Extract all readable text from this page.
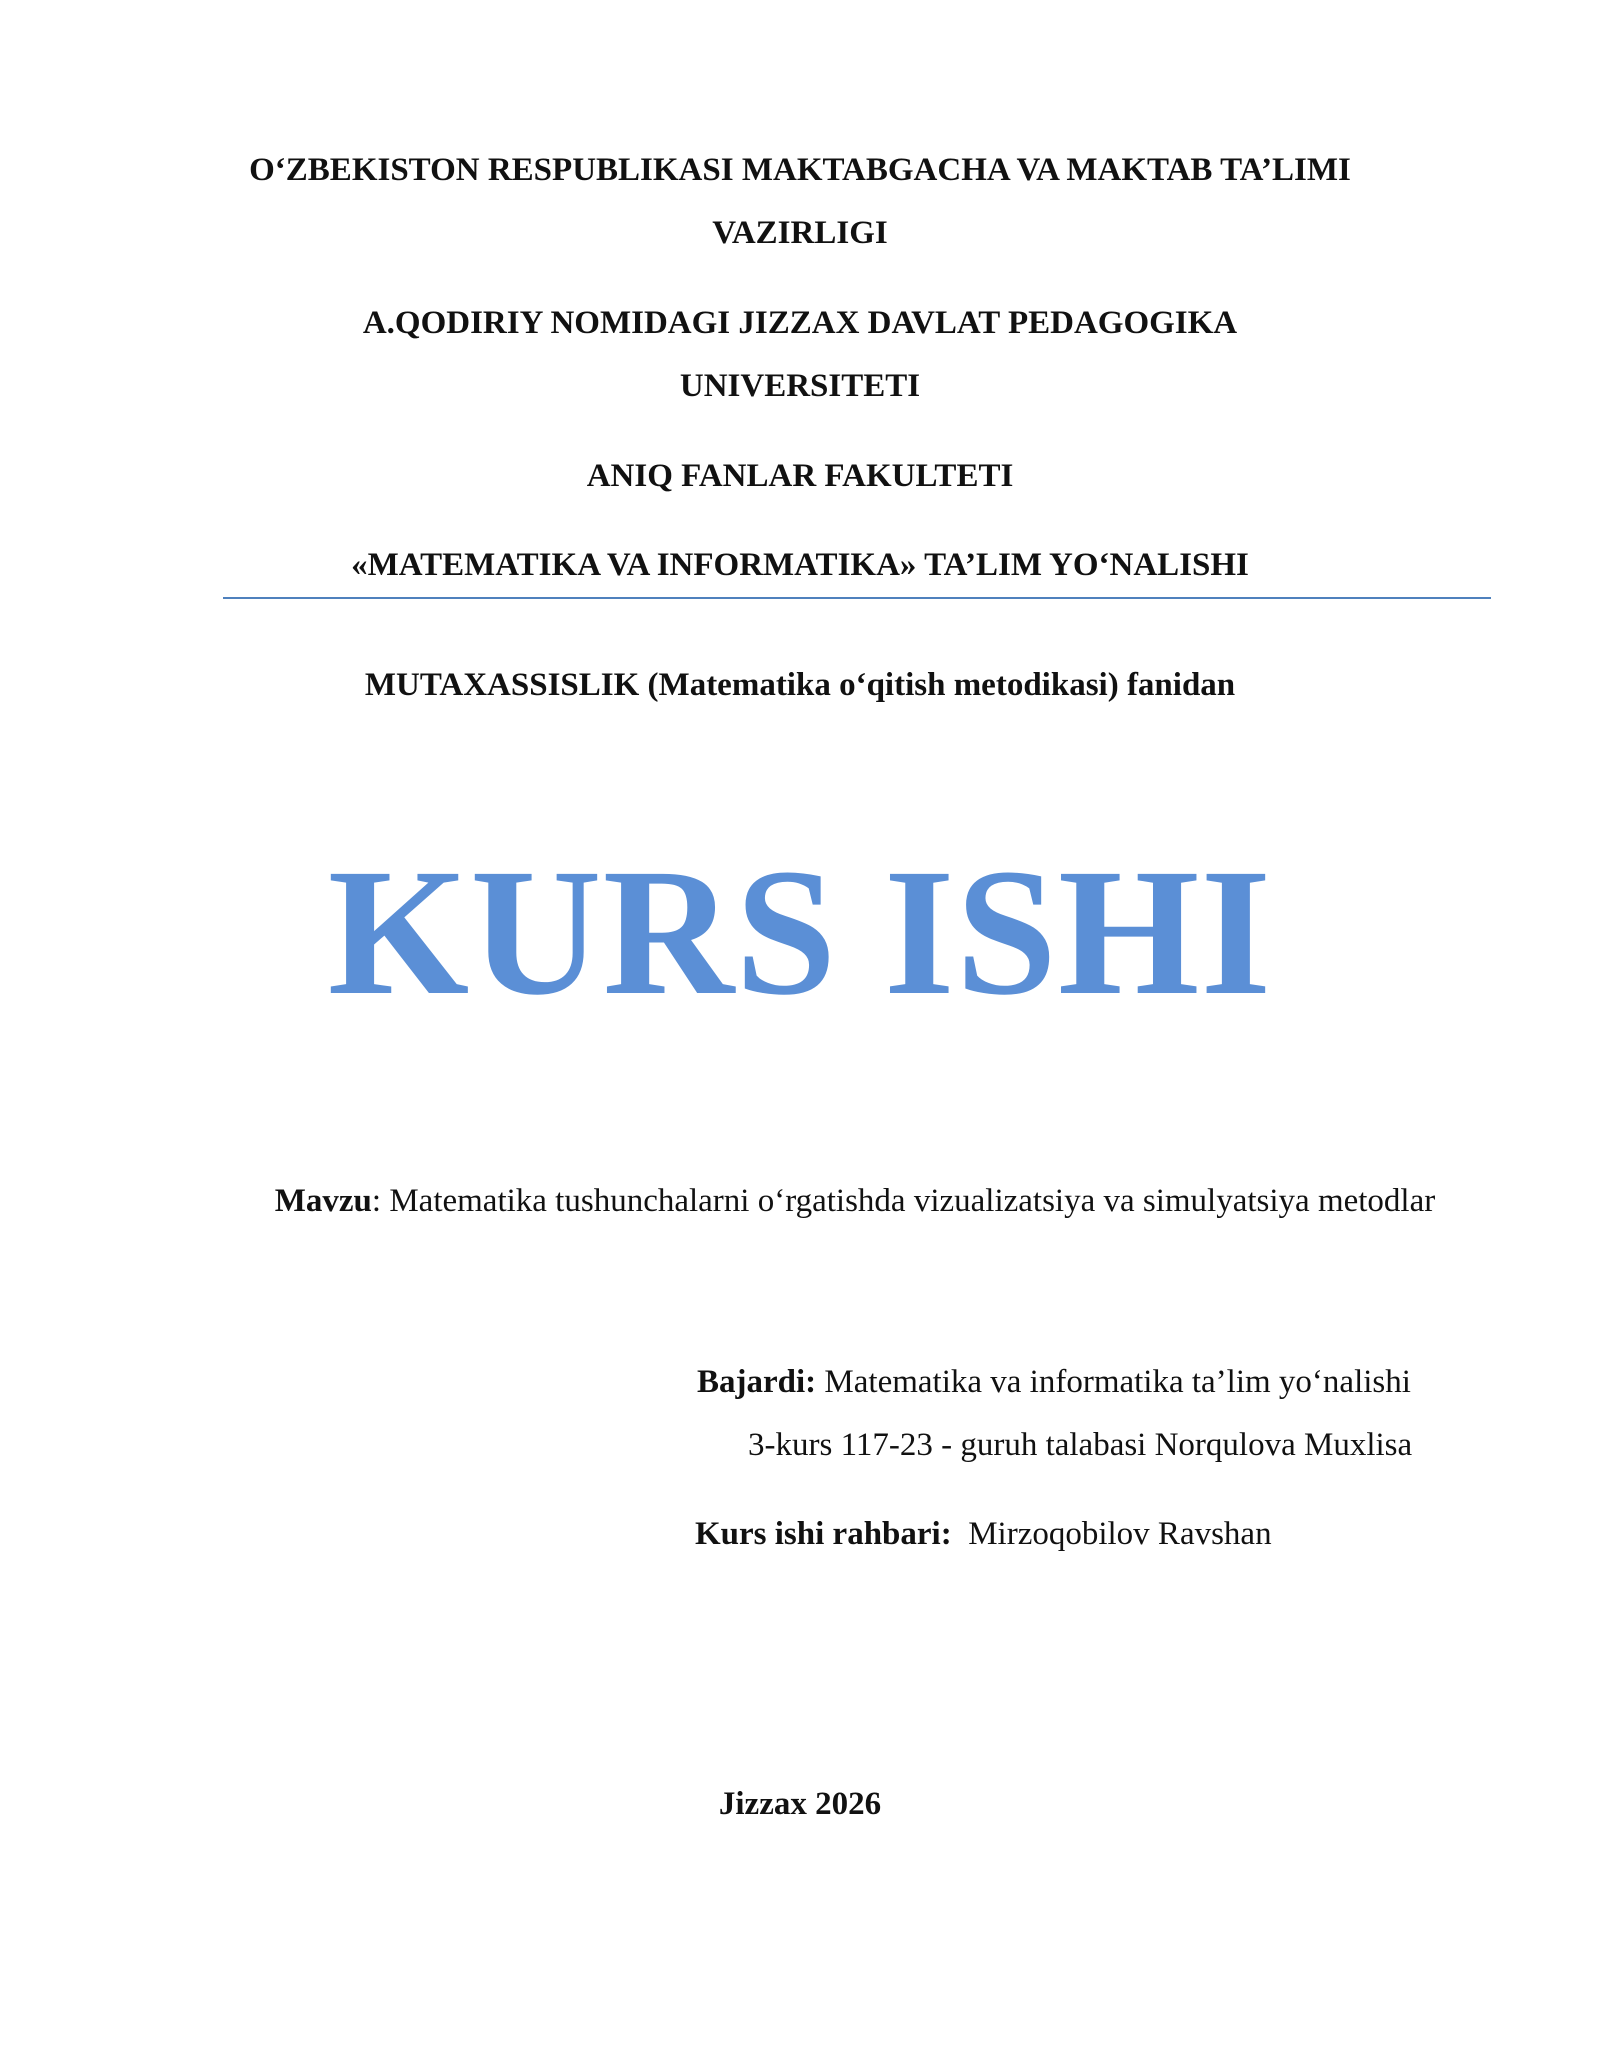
O‘ZBEKISTON RESPUBLIKASI MAKTABGACHA VA MAKTAB TA’LIMI
VAZIRLIGI
A.QODIRIY NOMIDAGI JIZZAX DAVLAT PEDAGOGIKA
UNIVERSITETI
ANIQ FANLAR FAKULTETI
«MATEMATIKA VA INFORMATIKA» TA’LIM YO‘NALISHI
MUTAXASSISLIK (Matematika o‘qitish metodikasi) fanidan
KURS ISHI
Mavzu: Matematika tushunchalarni o‘rgatishda vizualizatsiya va simulyatsiya metodlar
Bajardi: Matematika va informatika ta’lim yo‘nalishi
3-kurs 117-23 - guruh talabasi Norqulova Muxlisa
Kurs ishi rahbari: Mirzoqobilov Ravshan
Jizzax 2026
